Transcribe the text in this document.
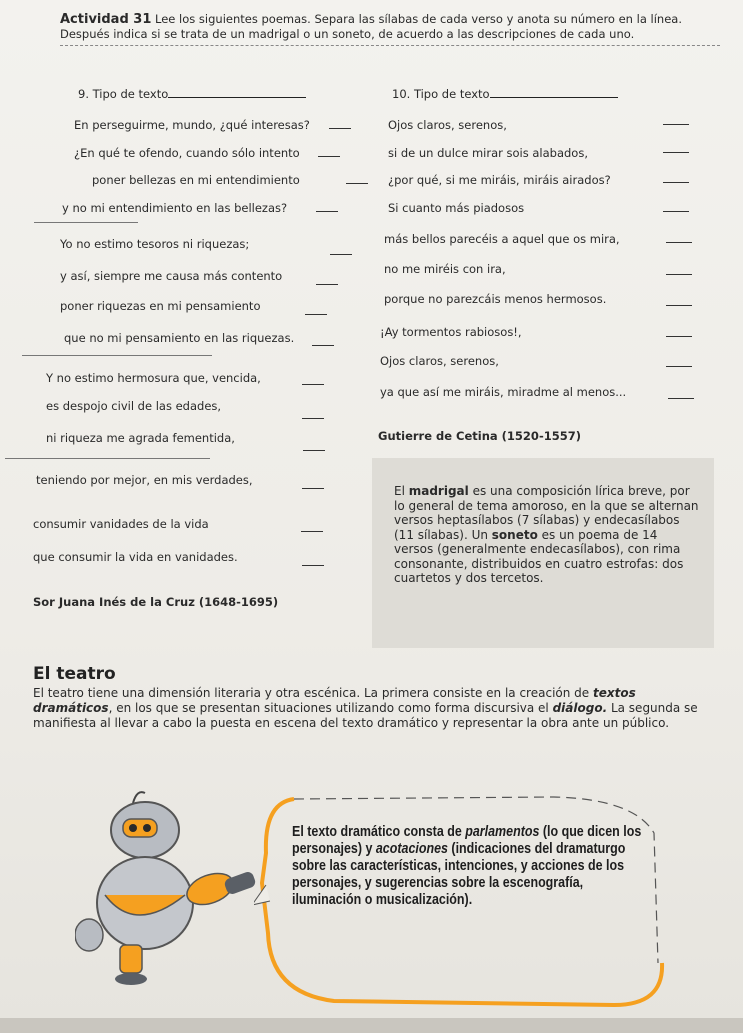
Actividad 31 Lee los siguientes poemas. Separa las sílabas de cada verso y anota su número en la línea. Después indica si se trata de un madrigal o un soneto, de acuerdo a las descripciones de cada uno.
9. Tipo de texto
En perseguirme, mundo, ¿qué interesas?
¿En qué te ofendo, cuando sólo intento
poner bellezas en mi entendimiento
y no mi entendimiento en las bellezas?
Yo no estimo tesoros ni riquezas;
y así, siempre me causa más contento
poner riquezas en mi pensamiento
que no mi pensamiento en las riquezas.
Y no estimo hermosura que, vencida,
es despojo civil de las edades,
ni riqueza me agrada fementida,
teniendo por mejor, en mis verdades,
consumir vanidades de la vida
que consumir la vida en vanidades.
Sor Juana Inés de la Cruz (1648-1695)
10. Tipo de texto
Ojos claros, serenos,
si de un dulce mirar sois alabados,
¿por qué, si me miráis, miráis airados?
Si cuanto más piadosos
más bellos parecéis a aquel que os mira,
no me miréis con ira,
porque no parezcáis menos hermosos.
¡Ay tormentos rabiosos!,
Ojos claros, serenos,
ya que así me miráis, miradme al menos...
Gutierre de Cetina (1520-1557)

El madrigal es una composición lírica breve, por lo general de tema amoroso, en la que se alternan versos heptasílabos (7 sílabas) y endecasílabos (11 sílabas). Un soneto es un poema de 14 versos (generalmente endecasílabos), con rima consonante, distribuidos en cuatro estrofas: dos cuartetos y dos tercetos.

El teatro
El teatro tiene una dimensión literaria y otra escénica. La primera consiste en la creación de textos dramáticos, en los que se presentan situaciones utilizando como forma discursiva el diálogo. La segunda se manifiesta al llevar a cabo la puesta en escena del texto dramático y representar la obra ante un público.
El texto dramático consta de parlamentos (lo que dicen los personajes) y acotaciones (indicaciones del dramaturgo sobre las características, intenciones, y acciones de los personajes, y sugerencias sobre la escenografía, iluminación o musicalización).
